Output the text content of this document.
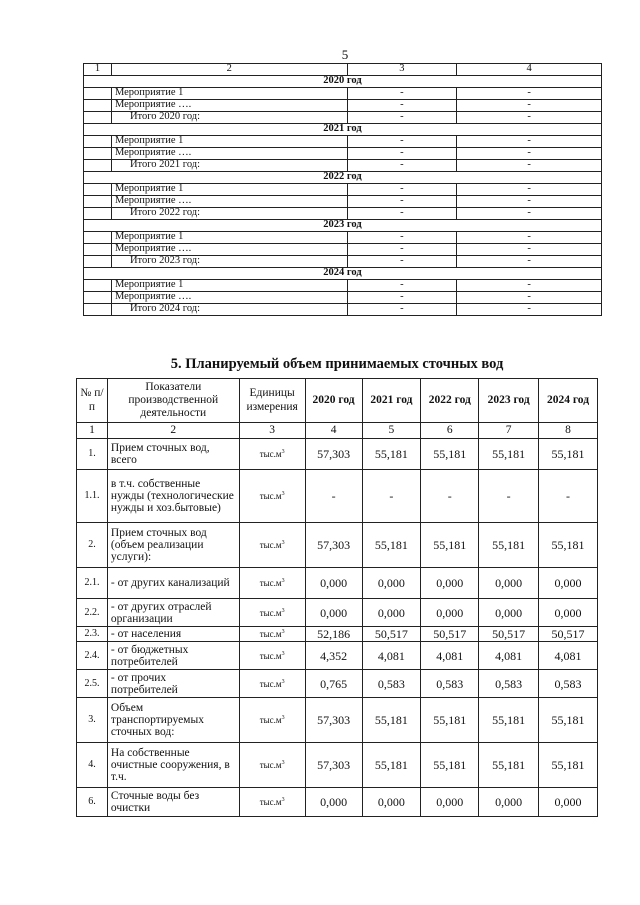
5
1	2	3	4
2020 год			
	Мероприятие 1	-	-
	Мероприятие ….	-	-
	Итого 2020 год:	-	-
2021 год			
	Мероприятие 1	-	-
	Мероприятие ….	-	-
	Итого 2021 год:	-	-
2022 год			
	Мероприятие 1	-	-
	Мероприятие ….	-	-
	Итого 2022 год:	-	-
2023 год			
	Мероприятие 1	-	-
	Мероприятие ….	-	-
	Итого 2023 год:	-	-
2024 год			
	Мероприятие 1	-	-
	Мероприятие ….	-	-
	Итого 2024 год:	-	-
5. Планируемый объем принимаемых сточных вод
№ п/п	Показатели производственной деятельности	Единицы измерения	2020 год	2021 год	2022 год	2023 год	2024 год
1	2	3	4	5	6	7	8
1.	Прием сточных вод, всего	$тыс.м^3$	57,303	55,181	55,181	55,181	55,181
1.1.	в т.ч. собственные нужды (технологические нужды и хоз.бытовые)	$тыс.м^3$	-	-	-	-	-
2.	Прием сточных вод (объем реализации услуги):	$тыс.м^3$	57,303	55,181	55,181	55,181	55,181
2.1.	- от других канализаций	$тыс.м^3$	0,000	0,000	0,000	0,000	0,000
2.2.	- от других отраслей организации	$тыс.м^3$	0,000	0,000	0,000	0,000	0,000
2.3.	- от населения	$тыс.м^3$	52,186	50,517	50,517	50,517	50,517
2.4.	- от бюджетных потребителей	$тыс.м^3$	4,352	4,081	4,081	4,081	4,081
2.5.	- от прочих потребителей	$тыс.м^3$	0,765	0,583	0,583	0,583	0,583
3.	Объем транспортируемых сточных вод:	$тыс.м^3$	57,303	55,181	55,181	55,181	55,181
4.	На собственные очистные сооружения, в т.ч.	$тыс.м^3$	57,303	55,181	55,181	55,181	55,181
6.	Сточные воды без очистки	$тыс.м^3$	0,000	0,000	0,000	0,000	0,000
